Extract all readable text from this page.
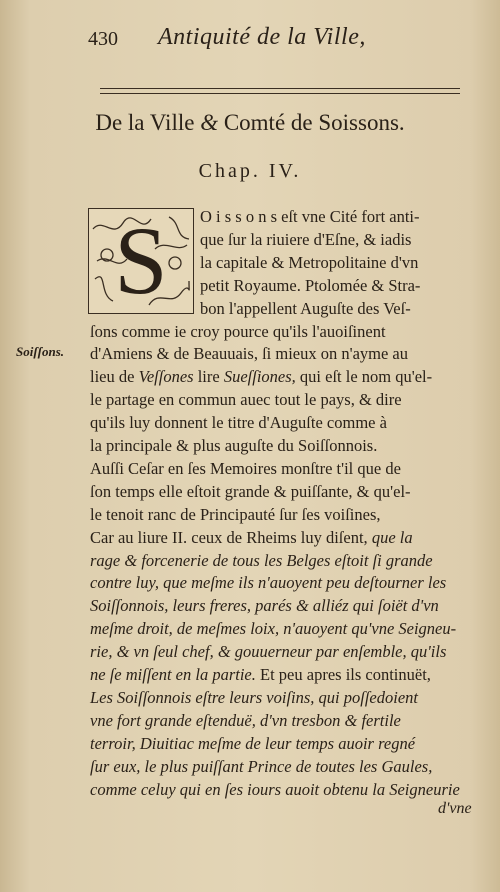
430 Antiquité de la Ville,
De la Ville & Comté de Soissons.
Chap. IV.
S
Soiſſons.
O i s s o n s eſt vne Cité fort anti-
que ſur la riuiere d'Eſne, & iadis
la capitale & Metropolitaine d'vn
petit Royaume. Ptolomée & Stra-
bon l'appellent Auguſte des Veſ-
ſons comme ie croy pource qu'ils l'auoiſinent
d'Amiens & de Beauuais, ſi mieux on n'ayme au
lieu de Veſſones lire Sueſſiones, qui eſt le nom qu'el-
le partage en commun auec tout le pays, & dire
qu'ils luy donnent le titre d'Auguſte comme à
la principale & plus auguſte du Soiſſonnois.
Auſſi Ceſar en ſes Memoires monſtre t'il que de
ſon temps elle eſtoit grande & puiſſante, & qu'el-
le tenoit ranc de Principauté ſur ſes voiſines,
Car au liure II. ceux de Rheims luy diſent, que la
rage & forcenerie de tous les Belges eſtoit ſi grande
contre luy, que meſme ils n'auoyent peu deſtourner les
Soiſſonnois, leurs freres, parés & alliéz qui ſoiët d'vn
meſme droit, de meſmes loix, n'auoyent qu'vne Seigneu-
rie, & vn ſeul chef, & gouuerneur par enſemble, qu'ils
ne ſe miſſent en la partie. Et peu apres ils continuët,
Les Soiſſonnois eſtre leurs voiſins, qui poſſedoient
vne fort grande eſtenduë, d'vn tresbon & fertile
terroir, Diuitiac meſme de leur temps auoir regné
ſur eux, le plus puiſſant Prince de toutes les Gaules,
comme celuy qui en ſes iours auoit obtenu la Seigneurie
d'vne
